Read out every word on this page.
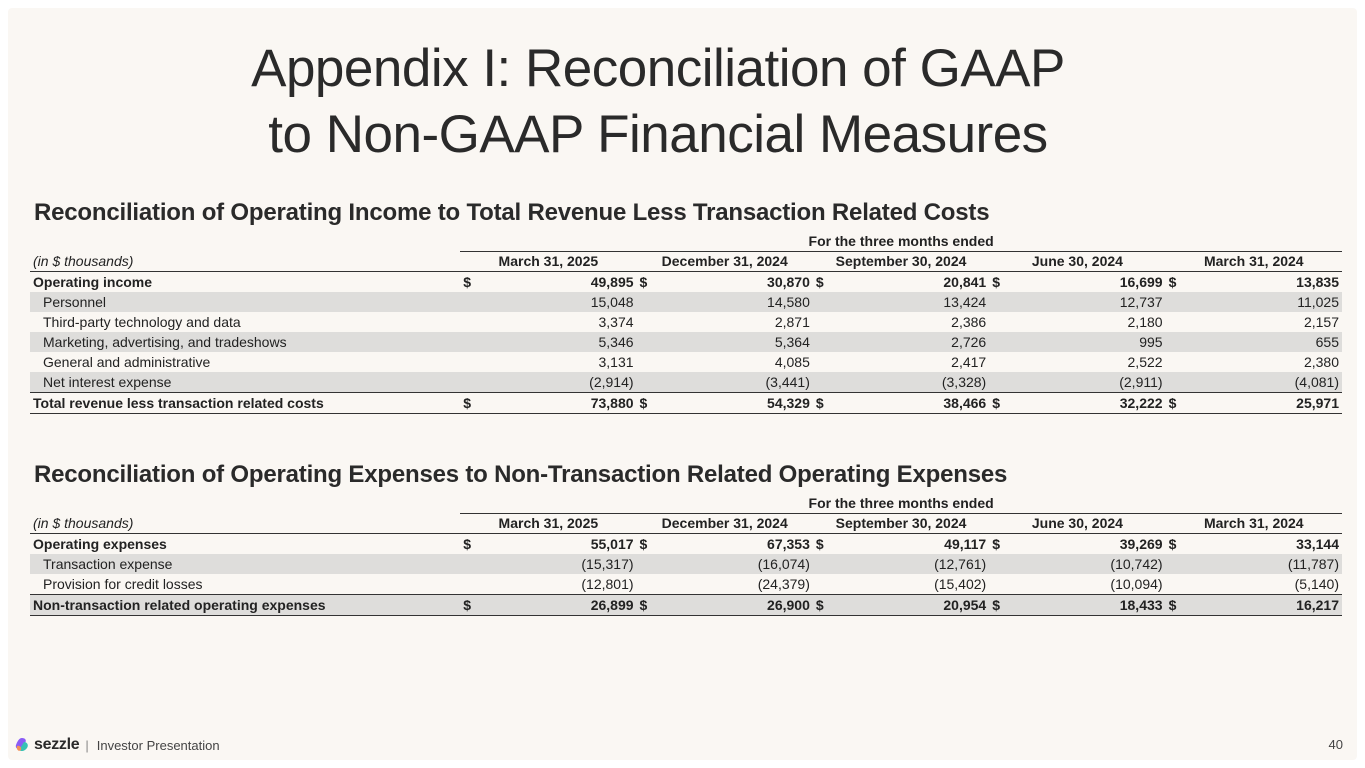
Appendix I: Reconciliation of GAAP
to Non-GAAP Financial Measures
Reconciliation of Operating Income to Total Revenue Less Transaction Related Costs
	For the three months ended									
(in $ thousands)	March 31, 2025		December 31, 2024		September 30, 2024		June 30, 2024		March 31, 2024	
Operating income	$	49,895	$	30,870	$	20,841	$	16,699	$	13,835
Personnel	15,048		14,580		13,424		12,737		11,025	
Third-party technology and data	3,374		2,871		2,386		2,180		2,157	
Marketing, advertising, and tradeshows	5,346		5,364		2,726		995		655	
General and administrative	3,131		4,085		2,417		2,522		2,380	
Net interest expense	(2,914)		(3,441)		(3,328)		(2,911)		(4,081)	
Total revenue less transaction related costs	$	73,880	$	54,329	$	38,466	$	32,222	$	25,971
Reconciliation of Operating Expenses to Non-Transaction Related Operating Expenses
	For the three months ended									
(in $ thousands)	March 31, 2025		December 31, 2024		September 30, 2024		June 30, 2024		March 31, 2024	
Operating expenses	$	55,017	$	67,353	$	49,117	$	39,269	$	33,144
Transaction expense	(15,317)		(16,074)		(12,761)		(10,742)		(11,787)	
Provision for credit losses	(12,801)		(24,379)		(15,402)		(10,094)		(5,140)	
Non-transaction related operating expenses	$	26,899	$	26,900	$	20,954	$	18,433	$	16,217
sezzle | Investor Presentation	40
